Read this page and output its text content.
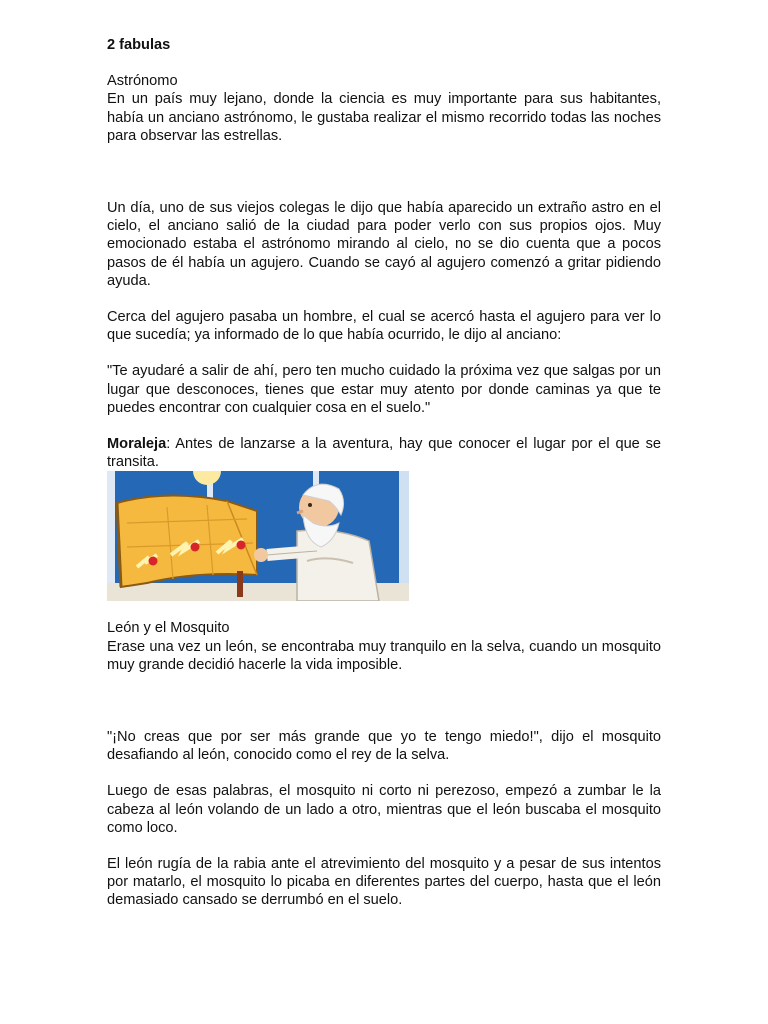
2 fabulas
Astrónomo

En un país muy lejano, donde la ciencia es muy importante para sus habitantes, había un anciano astrónomo, le gustaba realizar el mismo recorrido todas las noches para observar las estrellas.

Un día, uno de sus viejos colegas le dijo que había aparecido un extraño astro en el cielo, el anciano salió de la ciudad para poder verlo con sus propios ojos. Muy emocionado estaba el astrónomo mirando al cielo, no se dio cuenta que a pocos pasos de él había un agujero. Cuando se cayó al agujero comenzó a gritar pidiendo ayuda.

Cerca del agujero pasaba un hombre, el cual se acercó hasta el agujero para ver lo que sucedía; ya informado de lo que había ocurrido, le dijo al anciano:

"Te ayudaré a salir de ahí, pero ten mucho cuidado la próxima vez que salgas por un lugar que desconoces, tienes que estar muy atento por donde caminas ya que te puedes encontrar con cualquier cosa en el suelo."

Moraleja: Antes de lanzarse a la aventura, hay que conocer el lugar por el que se transita.

León y el Mosquito

Erase una vez un león, se encontraba muy tranquilo en la selva, cuando un mosquito muy grande decidió hacerle la vida imposible.

"¡No creas que por ser más grande que yo te tengo miedo!", dijo el mosquito desafiando al león, conocido como el rey de la selva.

Luego de esas palabras, el mosquito ni corto ni perezoso, empezó a zumbar le la cabeza al león volando de un lado a otro, mientras que el león buscaba el mosquito como loco.

El león rugía de la rabia ante el atrevimiento del mosquito y a pesar de sus intentos por matarlo, el mosquito lo picaba en diferentes partes del cuerpo, hasta que el león demasiado cansado se derrumbó en el suelo.
